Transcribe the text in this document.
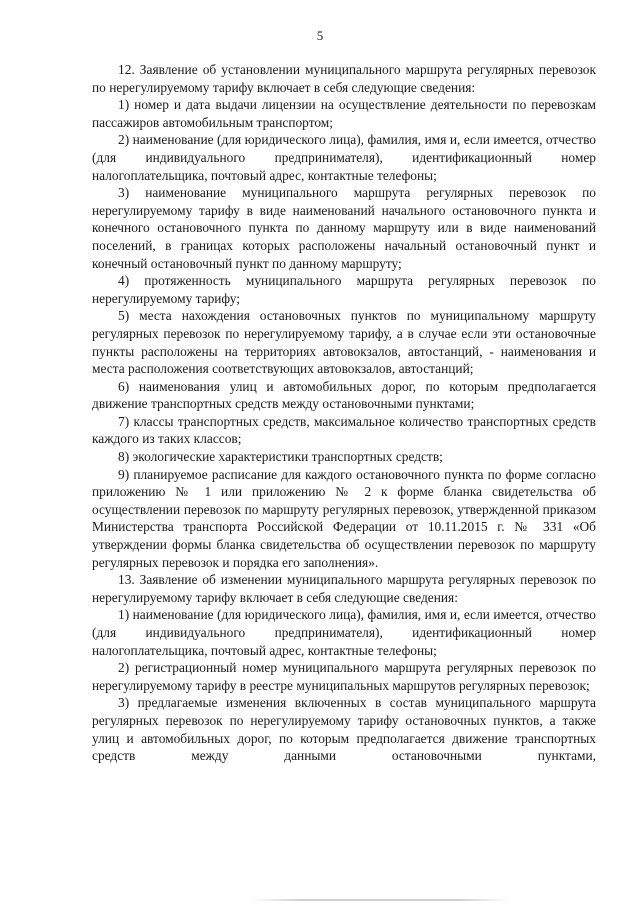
5

12. Заявление об установлении муниципального маршрута регулярных перевозок по нерегулируемому тарифу включает в себя следующие сведения:

1) номер и дата выдачи лицензии на осуществление деятельности по перевозкам пассажиров автомобильным транспортом;

2) наименование (для юридического лица), фамилия, имя и, если имеется, отчество (для индивидуального предпринимателя), идентификационный номер налогоплательщика, почтовый адрес, контактные телефоны;

3) наименование муниципального маршрута регулярных перевозок по нерегулируемому тарифу в виде наименований начального остановочного пункта и конечного остановочного пункта по данному маршруту или в виде наименований поселений, в границах которых расположены начальный остановочный пункт и конечный остановочный пункт по данному маршруту;

4) протяженность муниципального маршрута регулярных перевозок по нерегулируемому тарифу;

5) места нахождения остановочных пунктов по муниципальному маршруту регулярных перевозок по нерегулируемому тарифу, а в случае если эти остановочные пункты расположены на территориях автовокзалов, автостанций, - наименования и места расположения соответствующих автовокзалов, автостанций;

6) наименования улиц и автомобильных дорог, по которым предполагается движение транспортных средств между остановочными пунктами;

7) классы транспортных средств, максимальное количество транспортных средств каждого из таких классов;

8) экологические характеристики транспортных средств;

9) планируемое расписание для каждого остановочного пункта по форме согласно приложению № 1 или приложению № 2 к форме бланка свидетельства об осуществлении перевозок по маршруту регулярных перевозок, утвержденной приказом Министерства транспорта Российской Федерации от 10.11.2015 г. № 331 «Об утверждении формы бланка свидетельства об осуществлении перевозок по маршруту регулярных перевозок и порядка его заполнения».

13. Заявление об изменении муниципального маршрута регулярных перевозок по нерегулируемому тарифу включает в себя следующие сведения:

1) наименование (для юридического лица), фамилия, имя и, если имеется, отчество (для индивидуального предпринимателя), идентификационный номер налогоплательщика, почтовый адрес, контактные телефоны;

2) регистрационный номер муниципального маршрута регулярных перевозок по нерегулируемому тарифу в реестре муниципальных маршрутов регулярных перевозок;

3) предлагаемые изменения включенных в состав муниципального маршрута регулярных перевозок по нерегулируемому тарифу остановочных пунктов, а также улиц и автомобильных дорог, по которым предполагается движение транспортных средств между данными остановочными пунктами,
